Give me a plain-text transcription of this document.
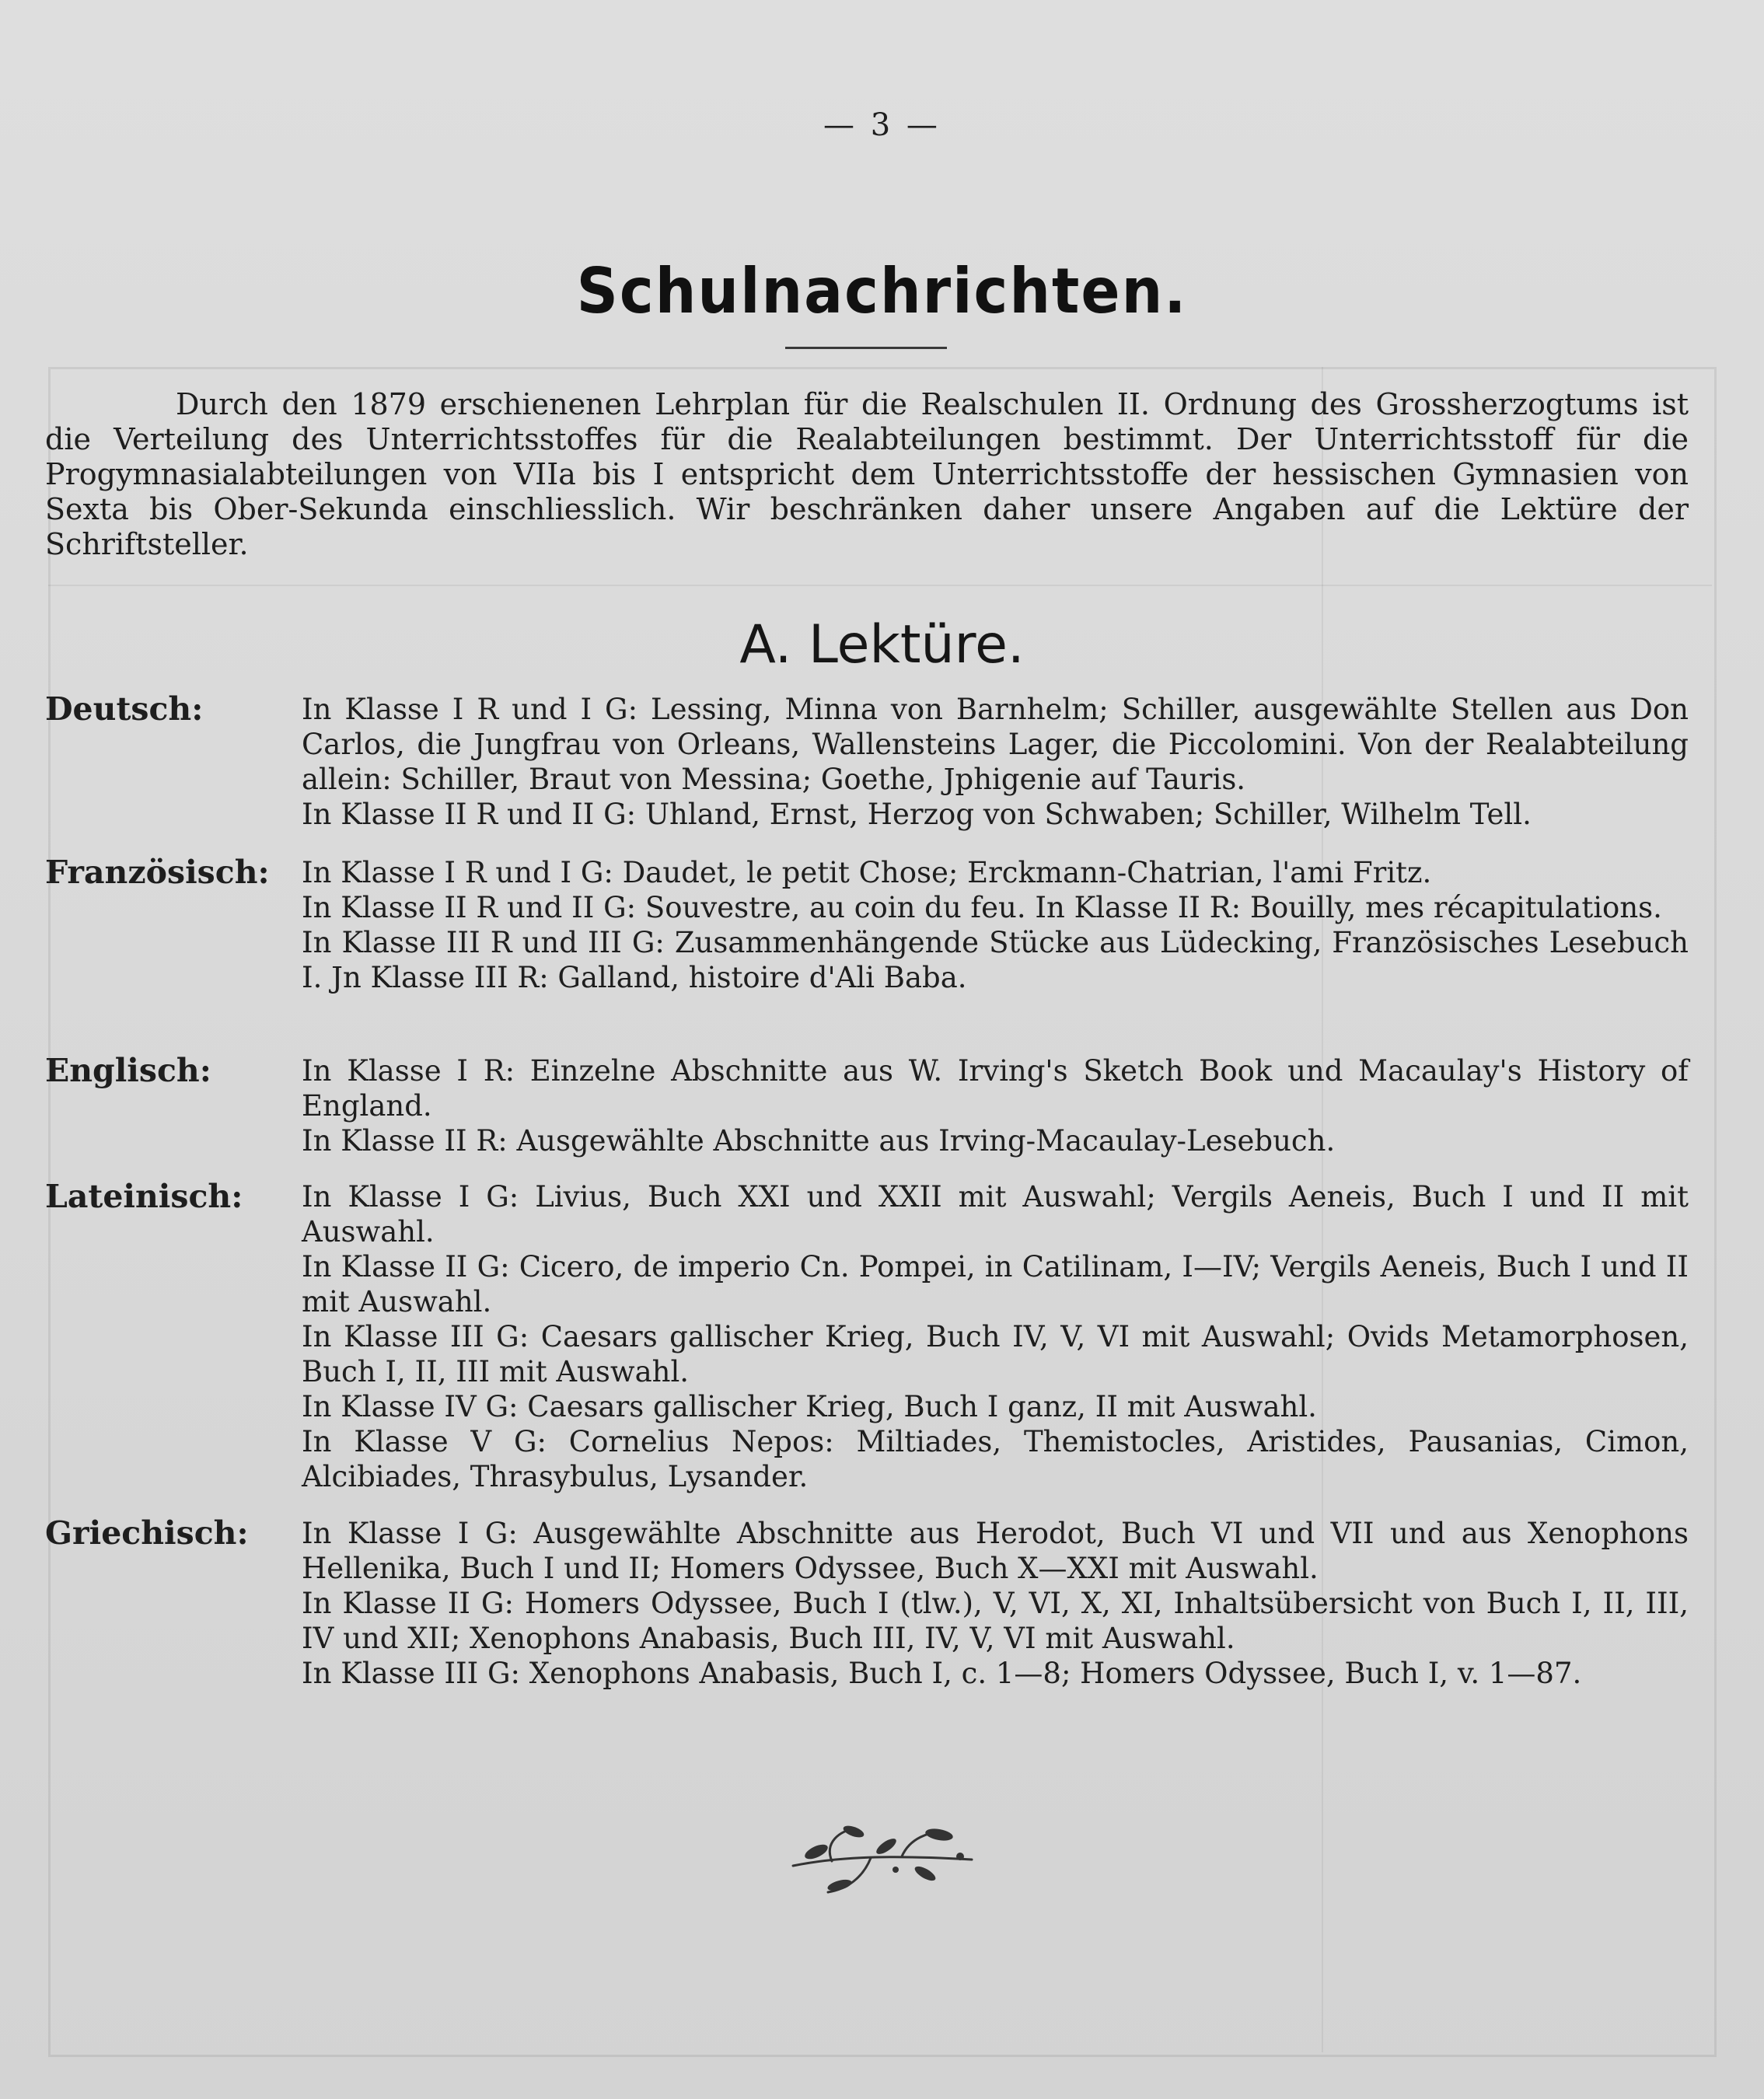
— 3 —
Schulnachrichten.
Durch den 1879 erschienenen Lehrplan für die Realschulen II. Ordnung des Grossherzogtums ist die Verteilung des Unterrichtsstoffes für die Realabteilungen bestimmt. Der Unterrichtsstoff für die Progymnasialabteilungen von VIIa bis I entspricht dem Unterrichtsstoffe der hessischen Gymnasien von Sexta bis Ober-Sekunda einschliesslich. Wir beschränken daher unsere Angaben auf die Lektüre der Schriftsteller.
A. Lektüre.
Deutsch:	In Klasse I R und I G: Lessing, Minna von Barnhelm; Schiller, ausgewählte Stellen aus Don Carlos, die Jungfrau von Orleans, Wallensteins Lager, die Piccolomini. Von der Realabteilung allein: Schiller, Braut von Messina; Goethe, Jphigenie auf Tauris.

In Klasse II R und II G: Uhland, Ernst, Herzog von Schwaben; Schiller, Wilhelm Tell.

Französisch:	In Klasse I R und I G: Daudet, le petit Chose; Erckmann-Chatrian, l'ami Fritz.

In Klasse II R und II G: Souvestre, au coin du feu. In Klasse II R: Bouilly, mes récapitulations.

In Klasse III R und III G: Zusammenhängende Stücke aus Lüdecking, Französisches Lesebuch I. Jn Klasse III R: Galland, histoire d'Ali Baba.

Englisch:	In Klasse I R: Einzelne Abschnitte aus W. Irving's Sketch Book und Macaulay's History of England.

In Klasse II R: Ausgewählte Abschnitte aus Irving-Macaulay-Lesebuch.

Lateinisch:	In Klasse I G: Livius, Buch XXI und XXII mit Auswahl; Vergils Aeneis, Buch I und II mit Auswahl.

In Klasse II G: Cicero, de imperio Cn. Pompei, in Catilinam, I—IV; Vergils Aeneis, Buch I und II mit Auswahl.

In Klasse III G: Caesars gallischer Krieg, Buch IV, V, VI mit Auswahl; Ovids Metamorphosen, Buch I, II, III mit Auswahl.

In Klasse IV G: Caesars gallischer Krieg, Buch I ganz, II mit Auswahl.

In Klasse V G: Cornelius Nepos: Miltiades, Themistocles, Aristides, Pausanias, Cimon, Alcibiades, Thrasybulus, Lysander.

Griechisch:	In Klasse I G: Ausgewählte Abschnitte aus Herodot, Buch VI und VII und aus Xenophons Hellenika, Buch I und II; Homers Odyssee, Buch X—XXI mit Auswahl.

In Klasse II G: Homers Odyssee, Buch I (tlw.), V, VI, X, XI, Inhaltsübersicht von Buch I, II, III, IV und XII; Xenophons Anabasis, Buch III, IV, V, VI mit Auswahl.

In Klasse III G: Xenophons Anabasis, Buch I, c. 1—8; Homers Odyssee, Buch I, v. 1—87.
